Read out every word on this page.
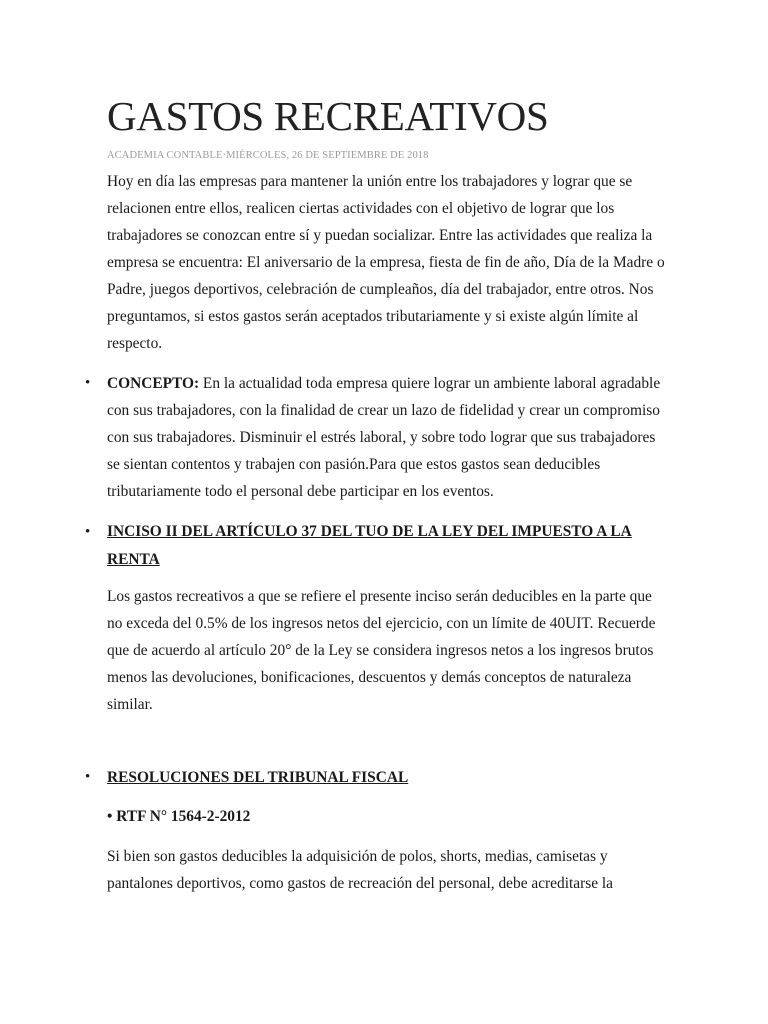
GASTOS RECREATIVOS
ACADEMIA CONTABLE·MIÉRCOLES, 26 DE SEPTIEMBRE DE 2018

Hoy en día las empresas para mantener la unión entre los trabajadores y lograr que se relacionen entre ellos, realicen ciertas actividades con el objetivo de lograr que los trabajadores se conozcan entre sí y puedan socializar. Entre las actividades que realiza la empresa se encuentra: El aniversario de la empresa, fiesta de fin de año, Día de la Madre o Padre, juegos deportivos, celebración de cumpleaños, día del trabajador, entre otros. Nos preguntamos, si estos gastos serán aceptados tributariamente y si existe algún límite al respecto.

• CONCEPTO: En la actualidad toda empresa quiere lograr un ambiente laboral agradable con sus trabajadores, con la finalidad de crear un lazo de fidelidad y crear un compromiso con sus trabajadores. Disminuir el estrés laboral, y sobre todo lograr que sus trabajadores se sientan contentos y trabajen con pasión.Para que estos gastos sean deducibles tributariamente todo el personal debe participar en los eventos.
• INCISO II DEL ARTÍCULO 37 DEL TUO DE LA LEY DEL IMPUESTO A LA RENTA

Los gastos recreativos a que se refiere el presente inciso serán deducibles en la parte que no exceda del 0.5% de los ingresos netos del ejercicio, con un límite de 40UIT. Recuerde que de acuerdo al artículo 20° de la Ley se considera ingresos netos a los ingresos brutos menos las devoluciones, bonificaciones, descuentos y demás conceptos de naturaleza similar.

• RESOLUCIONES DEL TRIBUNAL FISCAL
• RTF N° 1564-2-2012

Si bien son gastos deducibles la adquisición de polos, shorts, medias, camisetas y pantalones deportivos, como gastos de recreación del personal, debe acreditarse la
